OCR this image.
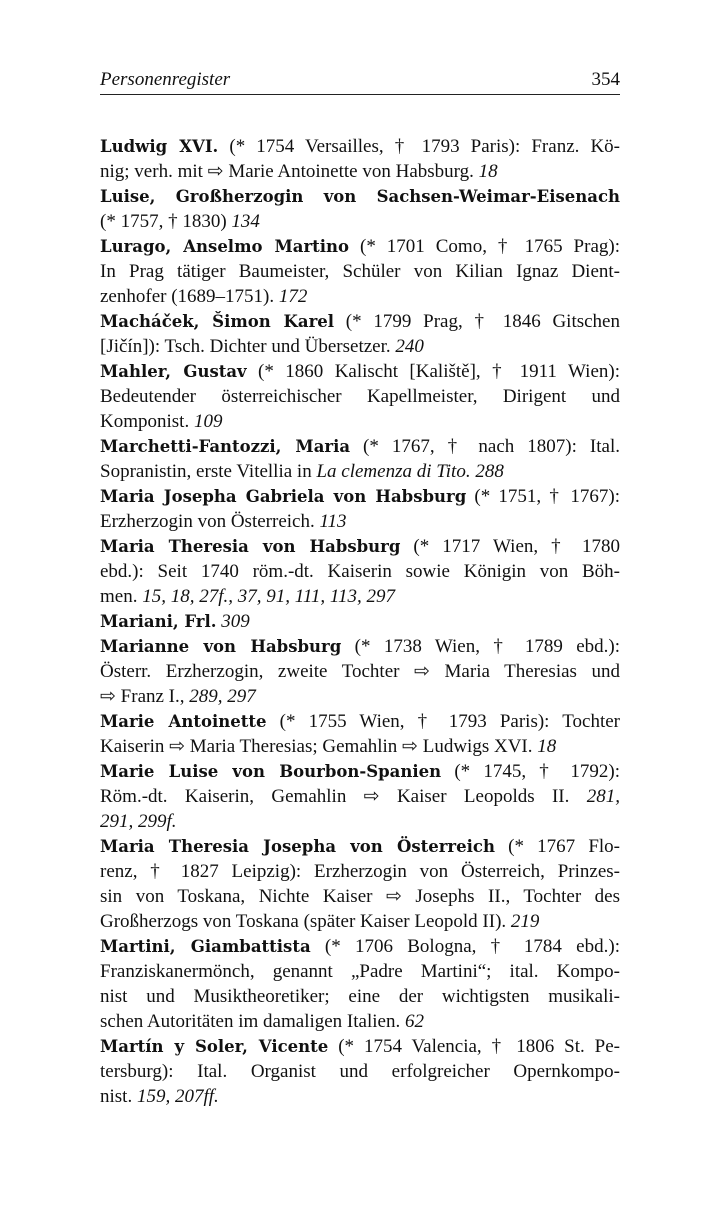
Personenregister	354
Ludwig XVI. (* 1754 Versailles, † 1793 Paris): Franz. Kö-
nig; verh. mit ⇨ Marie Antoinette von Habsburg. 18
Luise, Großherzogin von Sachsen-Weimar-Eisenach
(* 1757, † 1830) 134
Lurago, Anselmo Martino (* 1701 Como, † 1765 Prag):
In Prag tätiger Baumeister, Schüler von Kilian Ignaz Dient-
zenhofer (1689–1751). 172
Macháček, Šimon Karel (* 1799 Prag, † 1846 Gitschen
[Jičín]): Tsch. Dichter und Übersetzer. 240
Mahler, Gustav (* 1860 Kalischt [Kaliště], † 1911 Wien):
Bedeutender österreichischer Kapellmeister, Dirigent und
Komponist. 109
Marchetti-Fantozzi, Maria (* 1767, † nach 1807): Ital.
Sopranistin, erste Vitellia in La clemenza di Tito. 288
Maria Josepha Gabriela von Habsburg (* 1751, † 1767):
Erzherzogin von Österreich. 113
Maria Theresia von Habsburg (* 1717 Wien, † 1780
ebd.): Seit 1740 röm.-dt. Kaiserin sowie Königin von Böh-
men. 15, 18, 27f., 37, 91, 111, 113, 297
Mariani, Frl. 309
Marianne von Habsburg (* 1738 Wien, † 1789 ebd.):
Österr. Erzherzogin, zweite Tochter ⇨ Maria Theresias und
⇨ Franz I., 289, 297
Marie Antoinette (* 1755 Wien, † 1793 Paris): Tochter
Kaiserin ⇨ Maria Theresias; Gemahlin ⇨ Ludwigs XVI. 18
Marie Luise von Bourbon-Spanien (* 1745, † 1792):
Röm.-dt. Kaiserin, Gemahlin ⇨ Kaiser Leopolds II. 281,
291, 299f.
Maria Theresia Josepha von Österreich (* 1767 Flo-
renz, † 1827 Leipzig): Erzherzogin von Österreich, Prinzes-
sin von Toskana, Nichte Kaiser ⇨ Josephs II., Tochter des
Großherzogs von Toskana (später Kaiser Leopold II). 219
Martini, Giambattista (* 1706 Bologna, † 1784 ebd.):
Franziskanermönch, genannt „Padre Martini“; ital. Kompo-
nist und Musiktheoretiker; eine der wichtigsten musikali-
schen Autoritäten im damaligen Italien. 62
Martín y Soler, Vicente (* 1754 Valencia, † 1806 St. Pe-
tersburg): Ital. Organist und erfolgreicher Opernkompo-
nist. 159, 207ff.
